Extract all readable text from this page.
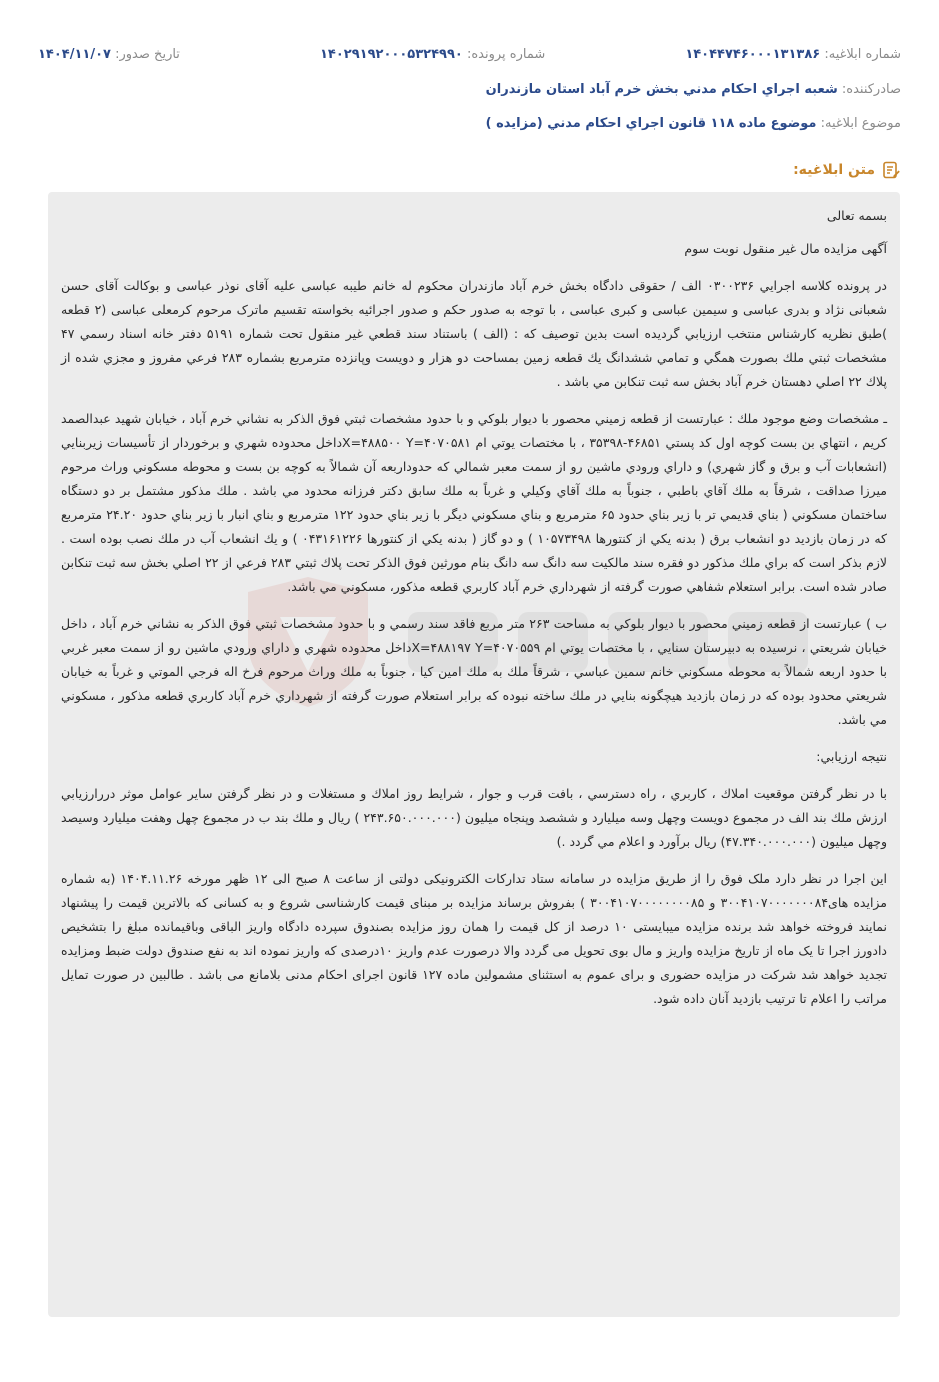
شماره ابلاغيه: ۱۴۰۴۴۷۴۶۰۰۰۱۳۱۳۸۶
شماره پرونده: ۱۴۰۲۹۱۹۲۰۰۰۵۳۲۴۹۹۰
تاریخ صدور: ۱۴۰۴/۱۱/۰۷
صادرکننده: شعبه اجراي احكام مدني بخش خرم آباد استان مازندران
موضوع ابلاغيه: موضوع ماده ۱۱۸ قانون اجراي احكام مدني (مزايده )
متن ابلاغيه:

بسمه تعالی

آگهی مزایده مال غیر منقول نوبت سوم

در پرونده کلاسه اجرايي ۰۳۰۰۲۳۶ الف / حقوقی دادگاه بخش خرم آباد مازندران محکوم له خانم طیبه عباسی علیه آقای نوذر عباسی و بوکالت آقای حسن شعبانی نژاد و بدری عباسی و سیمین عباسی و کبری عباسی ، با توجه به صدور حکم و صدور اجرائیه بخواسته تقسیم ماترک مرحوم کرمعلی عباسی (۲ قطعه )طبق نظريه كارشناس منتخب ارزيابي گرديده است بدين توصيف كه : (الف ) باستناد سند قطعي غير منقول تحت شماره ۵۱۹۱ دفتر خانه اسناد رسمي ۴۷ مشخصات ثبتي ملك بصورت همگي و تمامي ششدانگ يك قطعه زمين بمساحت دو هزار و دويست وپانزده مترمربع بشماره ۲۸۳ فرعي مفروز و مجزي شده از پلاك ۲۲ اصلي دهستان خرم آباد بخش سه ثبت تنكابن مي باشد .

ـ مشخصات وضع موجود ملك : عبارتست از قطعه زميني محصور با ديوار بلوكي و با حدود مشخصات ثبتي فوق الذكر به نشاني خرم آباد ، خيابان شهيد عبدالصمد كريم ، انتهاي بن بست كوچه اول كد پستي ۴۶۸۵۱-۳۵۳۹۸ ، با مختصات يوتي ام X=۴۸۸۵۰۰ Y=۴۰۷۰۵۸۱داخل محدوده شهري و برخوردار از تأسيسات زيربنايي (انشعابات آب و برق و گاز شهري) و داراي ورودي ماشين رو از سمت معبر شمالي كه حدوداربعه آن شمالاً به كوچه بن بست و محوطه مسكوني وراث مرحوم ميرزا صداقت ، شرقاً به ملك آقاي باطبي ، جنوباً به ملك آقاي وكيلي و غرباً به ملك سابق دكتر فرزانه محدود مي باشد . ملك مذكور مشتمل بر دو دستگاه ساختمان مسكوني ( بناي قديمي تر با زير بناي حدود ۶۵ مترمربع و بناي مسكوني ديگر با زير بناي حدود ۱۲۲ مترمربع و بناي انبار با زير بناي حدود ۲۴.۲۰ مترمربع كه در زمان بازديد دو انشعاب برق ( بدنه يكي از كنتورها ۱۰۵۷۳۴۹۸ ) و دو گاز ( بدنه يكي از كنتورها ۰۴۳۱۶۱۲۲۶ ) و يك انشعاب آب در ملك نصب بوده است . لازم بذكر است كه براي ملك مذكور دو فقره سند مالكيت سه دانگ سه دانگ بنام مورثين فوق الذكر تحت پلاك ثبتي ۲۸۳ فرعي از ۲۲ اصلي بخش سه ثبت تنكابن صادر شده است. برابر استعلام شفاهي صورت گرفته از شهرداري خرم آباد كاربري قطعه مذكور، مسكوني مي باشد.

ب ) عبارتست از قطعه زميني محصور با ديوار بلوكي به مساحت ۲۶۳ متر مربع فاقد سند رسمي و با حدود مشخصات ثبتي فوق الذكر به نشاني خرم آباد ، داخل خيابان شريعتي ، نرسيده به دبيرستان سنايي ، با مختصات يوتي ام X=۴۸۸۱۹۷ Y=۴۰۷۰۵۵۹داخل محدوده شهري و داراي ورودي ماشين رو از سمت معبر غربي با حدود اربعه شمالاً به محوطه مسكوني خانم سمين عباسي ، شرقاً ملك به ملك امين كيا ، جنوباً به ملك وراث مرحوم فرخ اله فرجي الموتي و غرباً به خيابان شريعتي محدود بوده كه در زمان بازديد هيچگونه بنايي در ملك ساخته نبوده كه برابر استعلام صورت گرفته از شهرداري خرم آباد كاربري قطعه مذكور ، مسكوني مي باشد.

نتيجه ارزيابي:

با در نظر گرفتن موقعيت املاك ، كاربري ، راه دسترسي ، بافت قرب و جوار ، شرايط روز املاك و مستغلات و در نظر گرفتن ساير عوامل موثر دررارزيابي ارزش ملك بند الف در مجموع دويست وچهل وسه ميليارد و ششصد وپنجاه ميليون (۲۴۳.۶۵۰.۰۰۰.۰۰۰ ) ريال و ملك بند ب در مجموع چهل وهفت ميليارد وسيصد وچهل ميليون (۴۷.۳۴۰.۰۰۰.۰۰۰) ريال برآورد و اعلام مي گردد .)

این اجرا در نظر دارد ملک فوق را از طریق مزایده در سامانه ستاد تدارکات الکترونیکی دولتی از ساعت ۸ صبح الی ۱۲ ظهر مورخه ۱۴۰۴.۱۱.۲۶ (به شماره مزایده های۳۰۰۴۱۰۷۰۰۰۰۰۰۰۸۴ و ۳۰۰۴۱۰۷۰۰۰۰۰۰۰۰۸۵ ) بفروش برساند مزایده بر مبنای قیمت کارشناسی شروع و به کسانی که بالاترین قیمت را پیشنهاد نمایند فروخته خواهد شد برنده مزایده میبایستی ۱۰ درصد از کل قیمت را همان روز مزایده بصندوق سپرده دادگاه واریز الباقی وباقیمانده مبلغ را بتشخیص دادورز اجرا تا یک ماه از تاریخ مزایده واریز و مال بوی تحویل می گردد والا درصورت عدم واریز ۱۰درصدی که واریز نموده اند به نفع صندوق دولت ضبط ومزایده تجدید خواهد شد شرکت در مزایده حضوری و برای عموم به استثنای مشمولین ماده ۱۲۷ قانون اجرای احکام مدنی بلامانع می باشد . طالبین در صورت تمایل مراتب را اعلام تا ترتیب بازدید آنان داده شود.
